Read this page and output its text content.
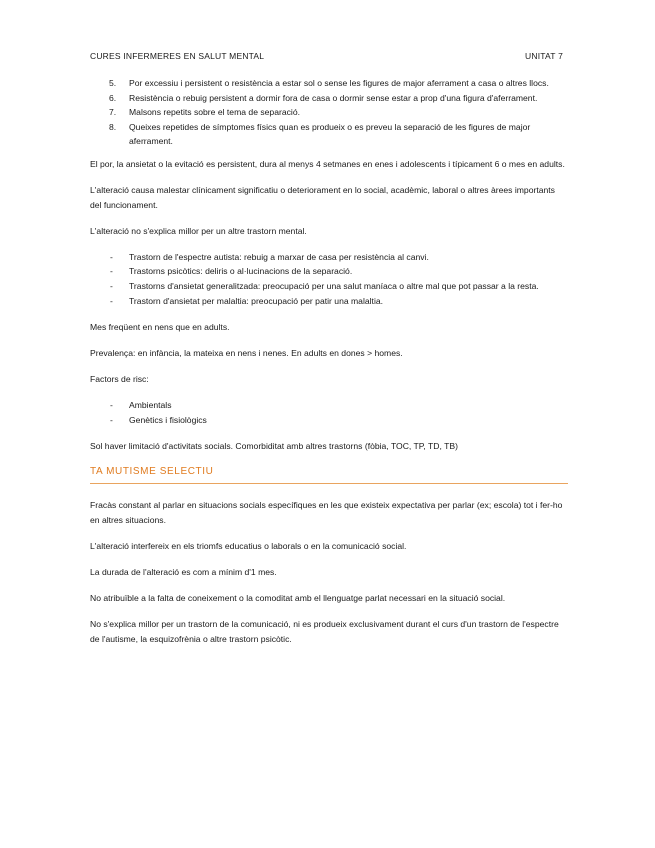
CURES INFERMERES EN SALUT MENTAL	UNITAT 7
5.	Por excessiu i persistent o resistència a estar sol o sense les figures de major aferrament a casa o altres llocs.
6.	Resistència o rebuig persistent a dormir fora de casa o dormir sense estar a prop d'una figura d'aferrament.
7.	Malsons repetits sobre el tema de separació.
8.	Queixes repetides de símptomes físics quan es produeix o es preveu la separació de les figures de major aferrament.

El por, la ansietat o la evitació es persistent, dura al menys 4 setmanes en enes i adolescents i típicament 6 o mes en adults.

L'alteració causa malestar clínicament significatiu o deteriorament en lo social, acadèmic, laboral o altres àrees importants del funcionament.

L'alteració no s'explica millor per un altre trastorn mental.

-	Trastorn de l'espectre autista: rebuig a marxar de casa per resistència al canvi.
-	Trastorns psicòtics: deliris o al·lucinacions de la separació.
-	Trastorns d'ansietat generalitzada: preocupació per una salut maníaca o altre mal que pot passar a la resta.
-	Trastorn d'ansietat per malaltia: preocupació per patir una malaltia.

Mes freqüent en nens que en adults.

Prevalença: en infància, la mateixa en nens i nenes. En adults en dones > homes.

Factors de risc:

-	Ambientals
-	Genètics i fisiològics

Sol haver limitació d'activitats socials. Comorbiditat amb altres trastorns (fòbia, TOC, TP, TD, TB)

TA MUTISME SELECTIU

Fracàs constant al parlar en situacions socials específiques en les que existeix expectativa per parlar (ex; escola) tot i fer-ho en altres situacions.

L'alteració interfereix en els triomfs educatius o laborals o en la comunicació social.

La durada de l'alteració es com a mínim d'1 mes.

No atribuïble a la falta de coneixement o la comoditat amb el llenguatge parlat necessari en la situació social.

No s'explica millor per un trastorn de la comunicació, ni es produeix exclusivament durant el curs d'un trastorn de l'espectre de l'autisme, la esquizofrènia o altre trastorn psicòtic.
